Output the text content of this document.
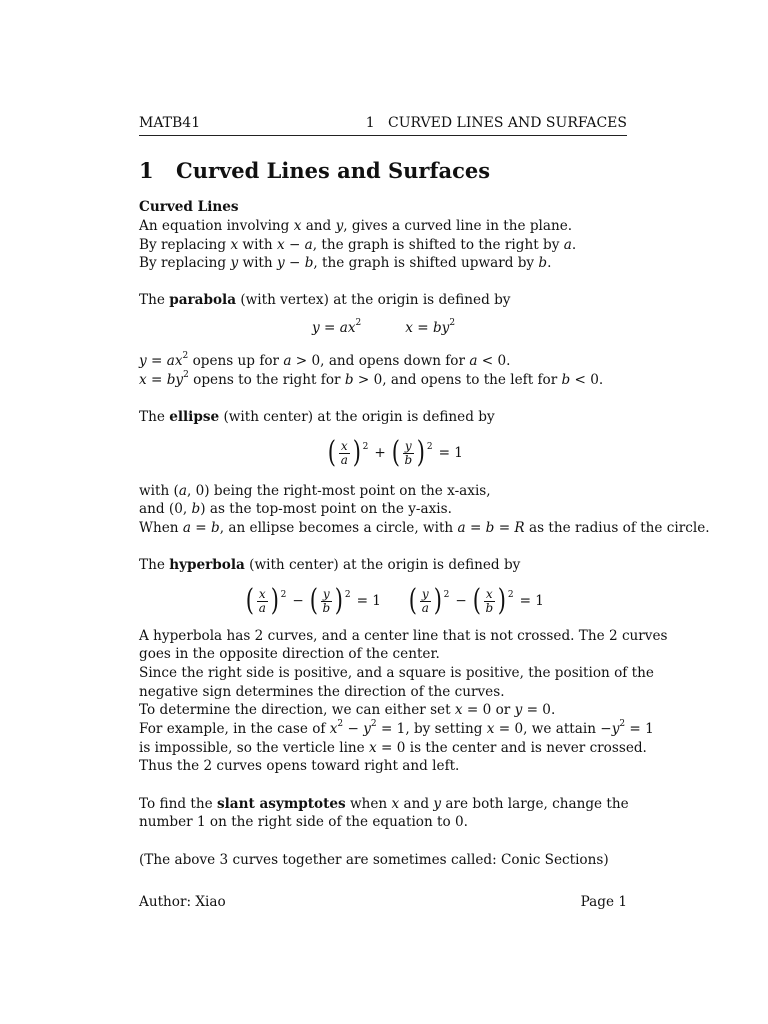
MATB41	1 CURVED LINES AND SURFACES
1 Curved Lines and Surfaces
Curved Lines
An equation involving x and y, gives a curved line in the plane.
By replacing x with x − a, the graph is shifted to the right by a.
By replacing y with y − b, the graph is shifted upward by b.
The parabola (with vertex) at the origin is defined by
$y = ax^2$	$x = by^2$
$y = ax^2$ opens up for a > 0, and opens down for a < 0.
$x = by^2$ opens to the right for b > 0, and opens to the left for b < 0.
The ellipse (with center) at the origin is defined by
( $\frac{x}{a}$ ) 2 + ( $\frac{y}{b}$ ) 2 = 1
with (a, 0) being the right-most point on the x-axis,
and (0, b) as the top-most point on the y-axis.
When a = b, an ellipse becomes a circle, with a = b = R as the radius of the circle.
The hyperbola (with center) at the origin is defined by
( $\frac{x}{a}$ ) 2 − ( $\frac{y}{b}$ ) 2 = 1 ( $\frac{y}{a}$ ) 2 − ( $\frac{x}{b}$ ) 2 = 1
A hyperbola has 2 curves, and a center line that is not crossed. The 2 curves
goes in the opposite direction of the center.
Since the right side is positive, and a square is positive, the position of the
negative sign determines the direction of the curves.
To determine the direction, we can either set x = 0 or y = 0.
For example, in the case of $x^2 - y^2 = 1$, by setting x = 0, we attain $-y^2 = 1$
is impossible, so the verticle line x = 0 is the center and is never crossed.
Thus the 2 curves opens toward right and left.
To find the slant asymptotes when x and y are both large, change the
number 1 on the right side of the equation to 0.
(The above 3 curves together are sometimes called: Conic Sections)
Author: Xiao	Page 1
